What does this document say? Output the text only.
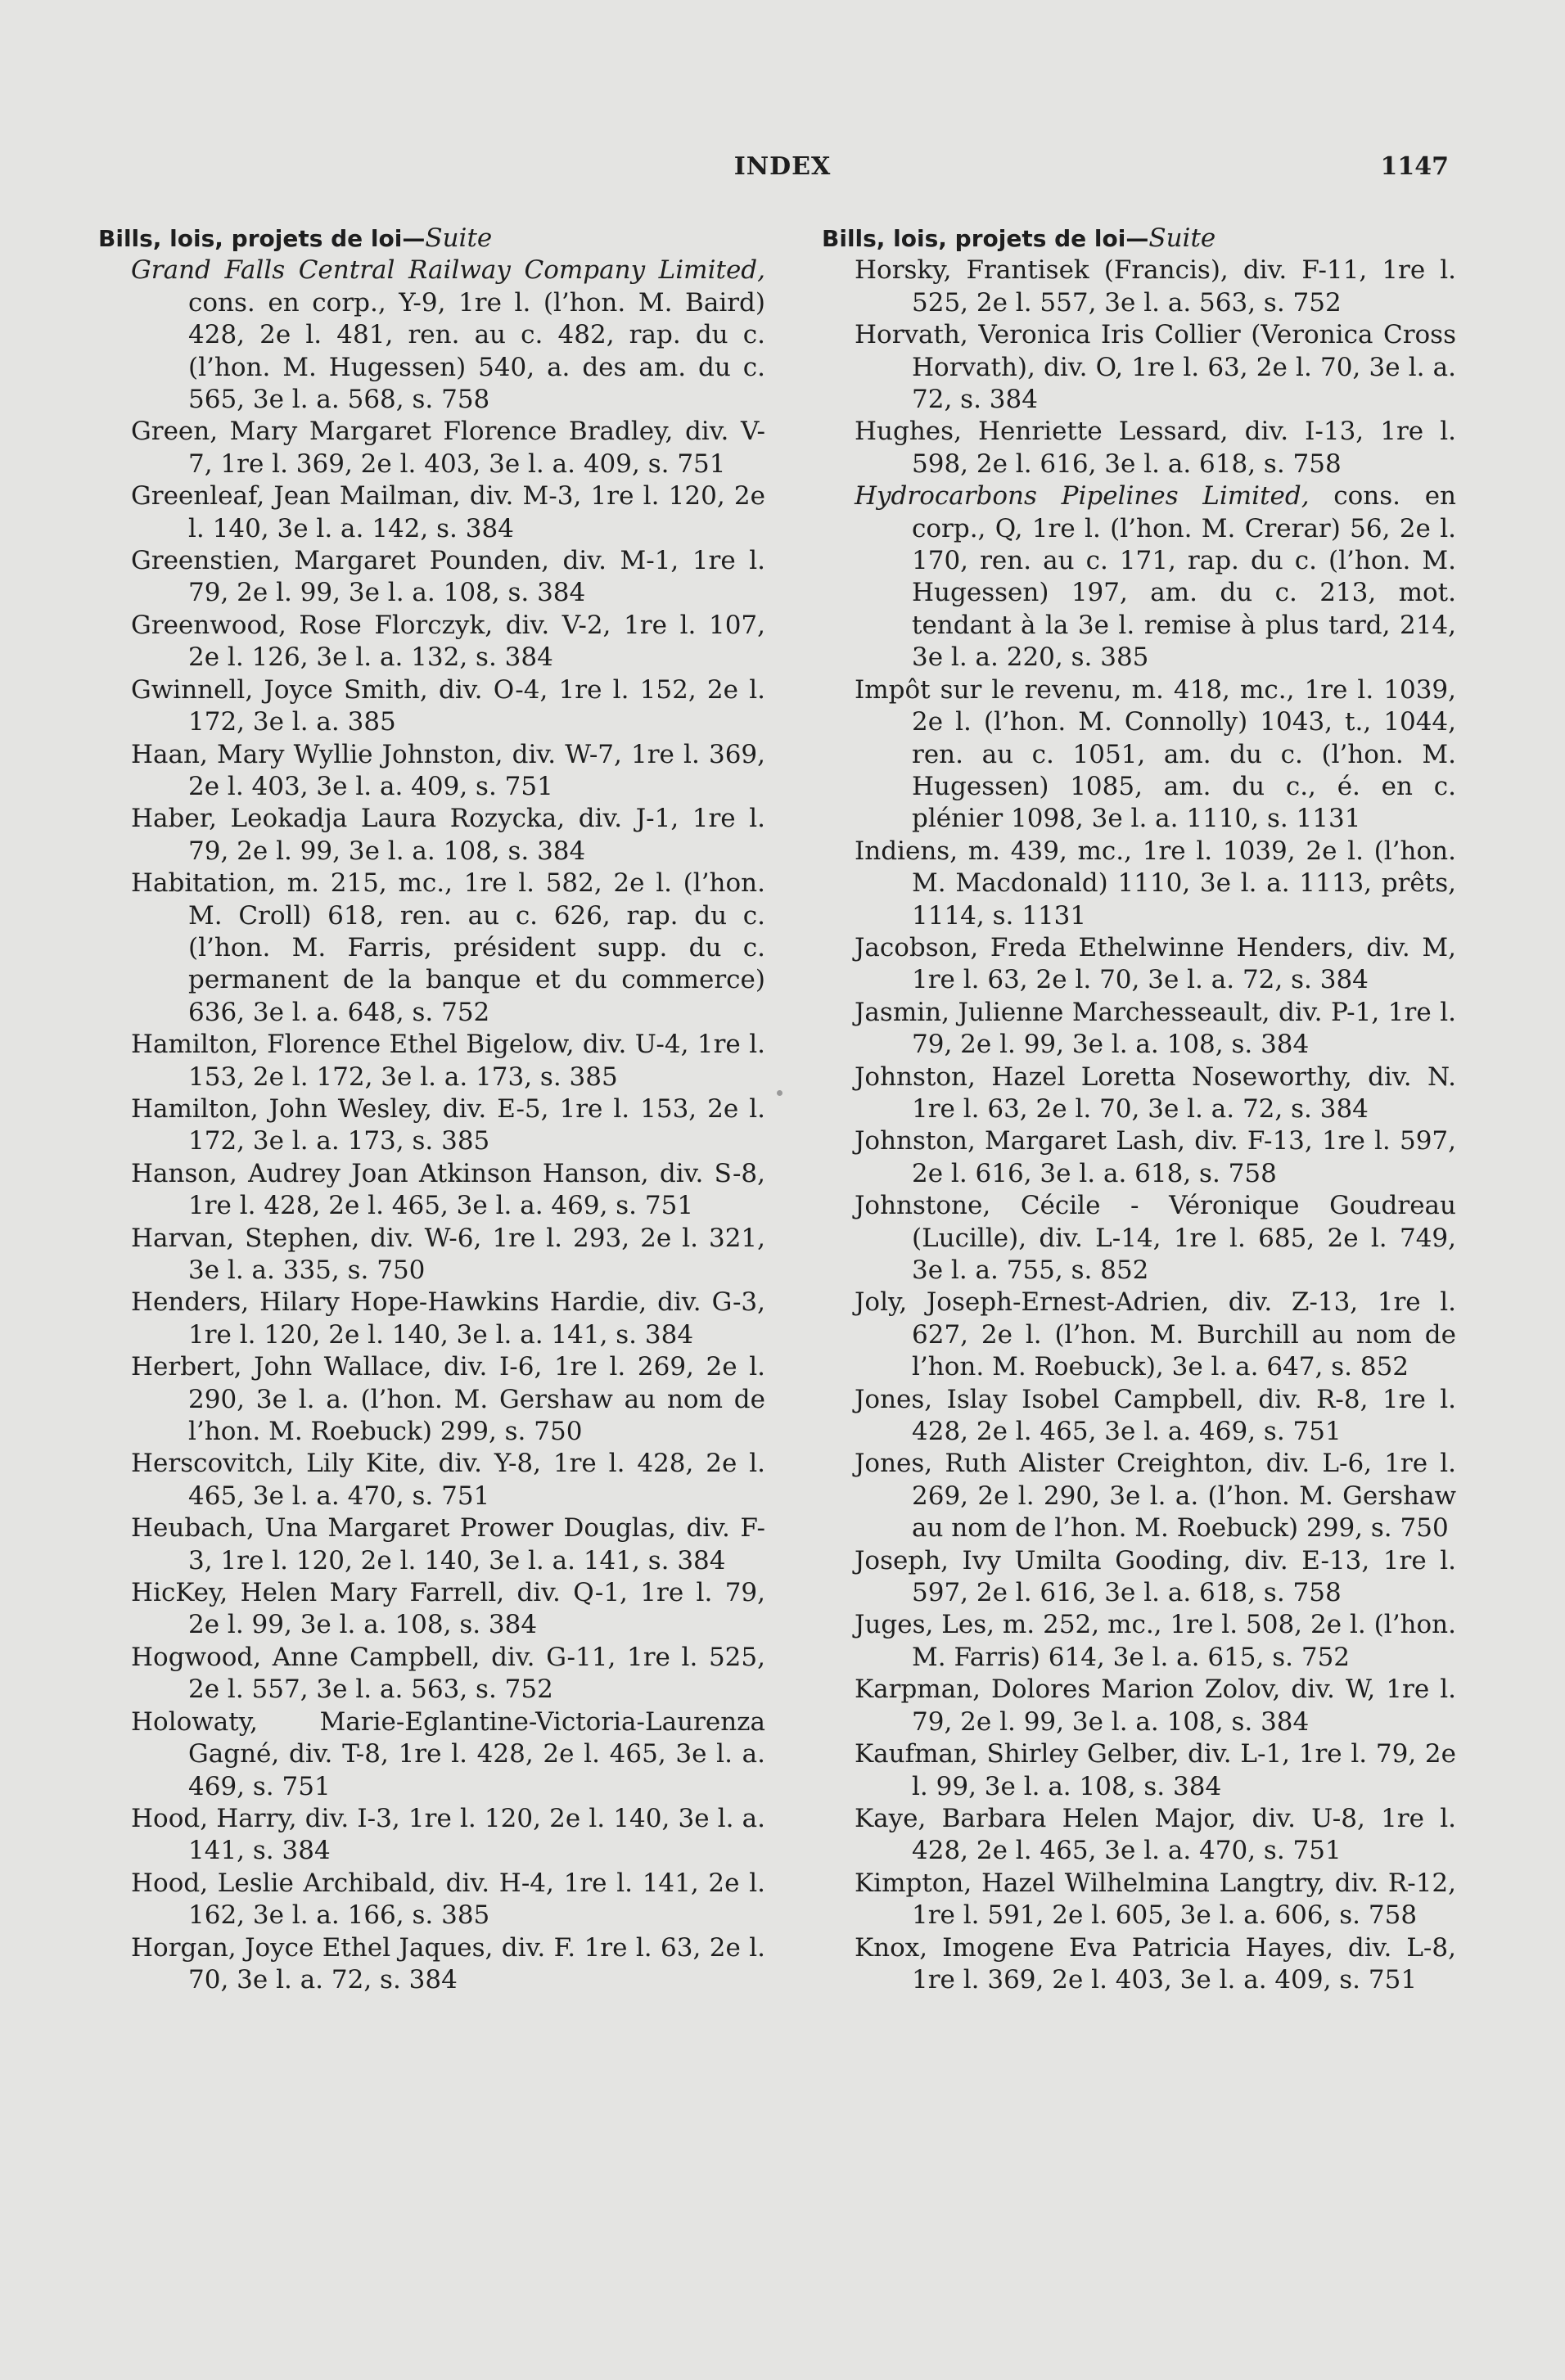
INDEX	1147
Bills, lois, projets de loi—Suite
Grand Falls Central Railway Company Limited, cons. en corp., Y-9, 1re l. (l’hon. M. Baird) 428, 2e l. 481, ren. au c. 482, rap. du c. (l’hon. M. Hugessen) 540, a. des am. du c. 565, 3e l. a. 568, s. 758
Green, Mary Margaret Florence Bradley, div. V-7, 1re l. 369, 2e l. 403, 3e l. a. 409, s. 751
Greenleaf, Jean Mailman, div. M-3, 1re l. 120, 2e l. 140, 3e l. a. 142, s. 384
Greenstien, Margaret Pounden, div. M-1, 1re l. 79, 2e l. 99, 3e l. a. 108, s. 384
Greenwood, Rose Florczyk, div. V-2, 1re l. 107, 2e l. 126, 3e l. a. 132, s. 384
Gwinnell, Joyce Smith, div. O-4, 1re l. 152, 2e l. 172, 3e l. a. 385
Haan, Mary Wyllie Johnston, div. W-7, 1re l. 369, 2e l. 403, 3e l. a. 409, s. 751
Haber, Leokadja Laura Rozycka, div. J-1, 1re l. 79, 2e l. 99, 3e l. a. 108, s. 384
Habitation, m. 215, mc., 1re l. 582, 2e l. (l’hon. M. Croll) 618, ren. au c. 626, rap. du c. (l’hon. M. Farris, président supp. du c. permanent de la banque et du commerce) 636, 3e l. a. 648, s. 752
Hamilton, Florence Ethel Bigelow, div. U-4, 1re l. 153, 2e l. 172, 3e l. a. 173, s. 385
Hamilton, John Wesley, div. E-5, 1re l. 153, 2e l. 172, 3e l. a. 173, s. 385
Hanson, Audrey Joan Atkinson Hanson, div. S-8, 1re l. 428, 2e l. 465, 3e l. a. 469, s. 751
Harvan, Stephen, div. W-6, 1re l. 293, 2e l. 321, 3e l. a. 335, s. 750
Henders, Hilary Hope-Hawkins Hardie, div. G-3, 1re l. 120, 2e l. 140, 3e l. a. 141, s. 384
Herbert, John Wallace, div. I-6, 1re l. 269, 2e l. 290, 3e l. a. (l’hon. M. Gershaw au nom de l’hon. M. Roebuck) 299, s. 750
Herscovitch, Lily Kite, div. Y-8, 1re l. 428, 2e l. 465, 3e l. a. 470, s. 751
Heubach, Una Margaret Prower Douglas, div. F-3, 1re l. 120, 2e l. 140, 3e l. a. 141, s. 384
HicKey, Helen Mary Farrell, div. Q-1, 1re l. 79, 2e l. 99, 3e l. a. 108, s. 384
Hogwood, Anne Campbell, div. G-11, 1re l. 525, 2e l. 557, 3e l. a. 563, s. 752
Holowaty, Marie-Eglantine-Victoria-Laurenza Gagné, div. T-8, 1re l. 428, 2e l. 465, 3e l. a. 469, s. 751
Hood, Harry, div. I-3, 1re l. 120, 2e l. 140, 3e l. a. 141, s. 384
Hood, Leslie Archibald, div. H-4, 1re l. 141, 2e l. 162, 3e l. a. 166, s. 385
Horgan, Joyce Ethel Jaques, div. F. 1re l. 63, 2e l. 70, 3e l. a. 72, s. 384
Bills, lois, projets de loi—Suite
Horsky, Frantisek (Francis), div. F-11, 1re l. 525, 2e l. 557, 3e l. a. 563, s. 752
Horvath, Veronica Iris Collier (Veronica Cross Horvath), div. O, 1re l. 63, 2e l. 70, 3e l. a. 72, s. 384
Hughes, Henriette Lessard, div. I-13, 1re l. 598, 2e l. 616, 3e l. a. 618, s. 758
Hydrocarbons Pipelines Limited, cons. en corp., Q, 1re l. (l’hon. M. Crerar) 56, 2e l. 170, ren. au c. 171, rap. du c. (l’hon. M. Hugessen) 197, am. du c. 213, mot. tendant à la 3e l. remise à plus tard, 214, 3e l. a. 220, s. 385
Impôt sur le revenu, m. 418, mc., 1re l. 1039, 2e l. (l’hon. M. Connolly) 1043, t., 1044, ren. au c. 1051, am. du c. (l’hon. M. Hugessen) 1085, am. du c., é. en c. plénier 1098, 3e l. a. 1110, s. 1131
Indiens, m. 439, mc., 1re l. 1039, 2e l. (l’hon. M. Macdonald) 1110, 3e l. a. 1113, prêts, 1114, s. 1131
Jacobson, Freda Ethelwinne Henders, div. M, 1re l. 63, 2e l. 70, 3e l. a. 72, s. 384
Jasmin, Julienne Marchesseault, div. P-1, 1re l. 79, 2e l. 99, 3e l. a. 108, s. 384
Johnston, Hazel Loretta Noseworthy, div. N. 1re l. 63, 2e l. 70, 3e l. a. 72, s. 384
Johnston, Margaret Lash, div. F-13, 1re l. 597, 2e l. 616, 3e l. a. 618, s. 758
Johnstone, Cécile - Véronique Goudreau (Lucille), div. L-14, 1re l. 685, 2e l. 749, 3e l. a. 755, s. 852
Joly, Joseph-Ernest-Adrien, div. Z-13, 1re l. 627, 2e l. (l’hon. M. Burchill au nom de l’hon. M. Roebuck), 3e l. a. 647, s. 852
Jones, Islay Isobel Campbell, div. R-8, 1re l. 428, 2e l. 465, 3e l. a. 469, s. 751
Jones, Ruth Alister Creighton, div. L-6, 1re l. 269, 2e l. 290, 3e l. a. (l’hon. M. Gershaw au nom de l’hon. M. Roebuck) 299, s. 750
Joseph, Ivy Umilta Gooding, div. E-13, 1re l. 597, 2e l. 616, 3e l. a. 618, s. 758
Juges, Les, m. 252, mc., 1re l. 508, 2e l. (l’hon. M. Farris) 614, 3e l. a. 615, s. 752
Karpman, Dolores Marion Zolov, div. W, 1re l. 79, 2e l. 99, 3e l. a. 108, s. 384
Kaufman, Shirley Gelber, div. L-1, 1re l. 79, 2e l. 99, 3e l. a. 108, s. 384
Kaye, Barbara Helen Major, div. U-8, 1re l. 428, 2e l. 465, 3e l. a. 470, s. 751
Kimpton, Hazel Wilhelmina Langtry, div. R-12, 1re l. 591, 2e l. 605, 3e l. a. 606, s. 758
Knox, Imogene Eva Patricia Hayes, div. L-8, 1re l. 369, 2e l. 403, 3e l. a. 409, s. 751
